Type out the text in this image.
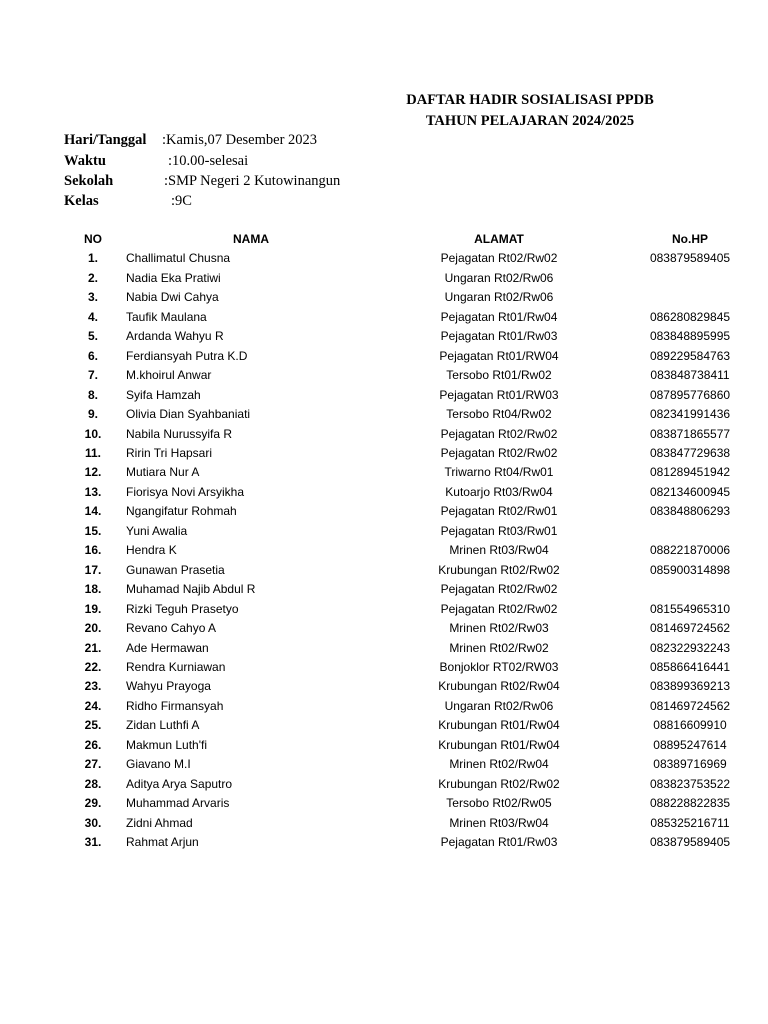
DAFTAR HADIR SOSIALISASI PPDB
TAHUN PELAJARAN 2024/2025
Hari/Tanggal :Kamis,07 Desember 2023
Waktu	:10.00-selesai
Sekolah	:SMP Negeri 2 Kutowinangun
Kelas	:9C
NO	NAMA	ALAMAT	No.HP
1.	Challimatul Chusna	Pejagatan Rt02/Rw02	083879589405
2.	Nadia Eka Pratiwi	Ungaran Rt02/Rw06	
3.	Nabia Dwi Cahya	Ungaran Rt02/Rw06	
4.	Taufik Maulana	Pejagatan Rt01/Rw04	086280829845
5.	Ardanda Wahyu R	Pejagatan Rt01/Rw03	083848895995
6.	Ferdiansyah Putra K.D	Pejagatan Rt01/RW04	089229584763
7.	M.khoirul Anwar	Tersobo Rt01/Rw02	083848738411
8.	Syifa Hamzah	Pejagatan Rt01/RW03	087895776860
9.	Olivia Dian Syahbaniati	Tersobo Rt04/Rw02	082341991436
10.	Nabila Nurussyifa R	Pejagatan Rt02/Rw02	083871865577
11.	Ririn Tri Hapsari	Pejagatan Rt02/Rw02	083847729638
12.	Mutiara Nur A	Triwarno Rt04/Rw01	081289451942
13.	Fiorisya Novi Arsyikha	Kutoarjo Rt03/Rw04	082134600945
14.	Ngangifatur Rohmah	Pejagatan Rt02/Rw01	083848806293
15.	Yuni Awalia	Pejagatan Rt03/Rw01	
16.	Hendra K	Mrinen Rt03/Rw04	088221870006
17.	Gunawan Prasetia	Krubungan Rt02/Rw02	085900314898
18.	Muhamad Najib Abdul R	Pejagatan Rt02/Rw02	
19.	Rizki Teguh Prasetyo	Pejagatan Rt02/Rw02	081554965310
20.	Revano Cahyo A	Mrinen Rt02/Rw03	081469724562
21.	Ade Hermawan	Mrinen Rt02/Rw02	082322932243
22.	Rendra Kurniawan	Bonjoklor RT02/RW03	085866416441
23.	Wahyu Prayoga	Krubungan Rt02/Rw04	083899369213
24.	Ridho Firmansyah	Ungaran Rt02/Rw06	081469724562
25.	Zidan Luthfi A	Krubungan Rt01/Rw04	08816609910
26.	Makmun Luth'fi	Krubungan Rt01/Rw04	08895247614
27.	Giavano M.I	Mrinen Rt02/Rw04	08389716969
28.	Aditya Arya Saputro	Krubungan Rt02/Rw02	083823753522
29.	Muhammad Arvaris	Tersobo Rt02/Rw05	088228822835
30.	Zidni Ahmad	Mrinen Rt03/Rw04	085325216711
31.	Rahmat Arjun	Pejagatan Rt01/Rw03	083879589405
